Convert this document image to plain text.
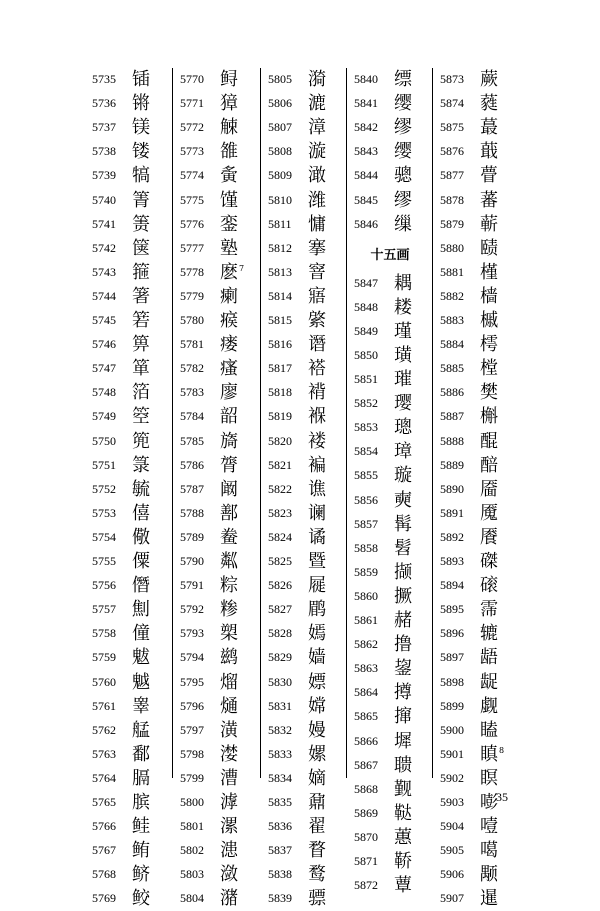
5735 锸
5736 锵
5737 镁
5738 镂
5739 犒
5740 箐
5741 箦
5742 箧
5743 箍
5744 箸
5745 箬
5746 箅
5747 箪
5748 箔
5749 箜
5750 篼
5751 箓
5752 毓
5753 僖
5754 儆
5755 僳
5756 僭
5757 劁
5758 僮
5759 魃
5760 魆
5761 睾
5762 艋
5763 鄱
5764 膈
5765 膑
5766 鲑
5767 鲔
5768 鲚
5769 鲛
5770 鲟
5771 獐
5772 觫
5773 雒
5774 夤
5775 馑
5776 銮
5777 塾
5778 麽$^7$
5779 瘌
5780 瘊
5781 瘘
5782 瘙
5783 廖
5784 韶
5785 旖
5786 膂
5787 阚
5788 鄯
5789 鲞
5790 粼
5791 粽
5792 糁
5793 槊
5794 鹚
5795 熘
5796 熥
5797 潢
5798 漤
5799 漕
5800 滹
5801 漯
5802 漶
5803 潋
5804 潴
5805 漪
5806 漉
5807 漳
5808 漩
5809 澉
5810 潍
5811 慵
5812 搴
5813 窨
5814 寤
5815 綮
5816 谮
5817 褡
5818 褙
5819 褓
5820 褛
5821 褊
5822 谯
5823 谰
5824 谲
5825 暨
5826 屣
5827 鹛
5828 嫣
5829 嫱
5830 嫖
5831 嫦
5832 嫚
5833 嫘
5834 嫡
5835 鼐
5836 翟
5837 瞀
5838 鹜
5839 骠
5840 缥
5841 缨
5842 缪
5843 缨
5844 骢
5845 缪
5846 缫
十五画
5847 耦
5848 耧
5849 瑾
5850 璜
5851 璀
5852 璎
5853 璁
5854 璋
5855 璇
5856 奭
5857 髯
5858 髫
5859 撷
5860 撅
5861 赭
5862 撸
5863 鋆
5864 撙
5865 撺
5866 墀
5867 聩
5868 觐
5869 鞑
5870 蕙
5871 鞒
5872 蕈
5873 蕨
5874 蕤
5875 蕞
5876 蕺
5877 瞢
5878 蕃
5879 蕲
5880 赜
5881 槿
5882 樯
5883 槭
5884 樗
5885 樘
5886 樊
5887 槲
5888 醌
5889 醅
5890 靥
5891 魇
5892 餍
5893 磔
5894 磙
5895 霈
5896 辘
5897 龉
5898 龊
5899 觑
5900 瞌
5901 瞋$^8$
5902 瞑
5903 嘭
5904 噎
5905 噶
5906 颙
5907 暹
35
